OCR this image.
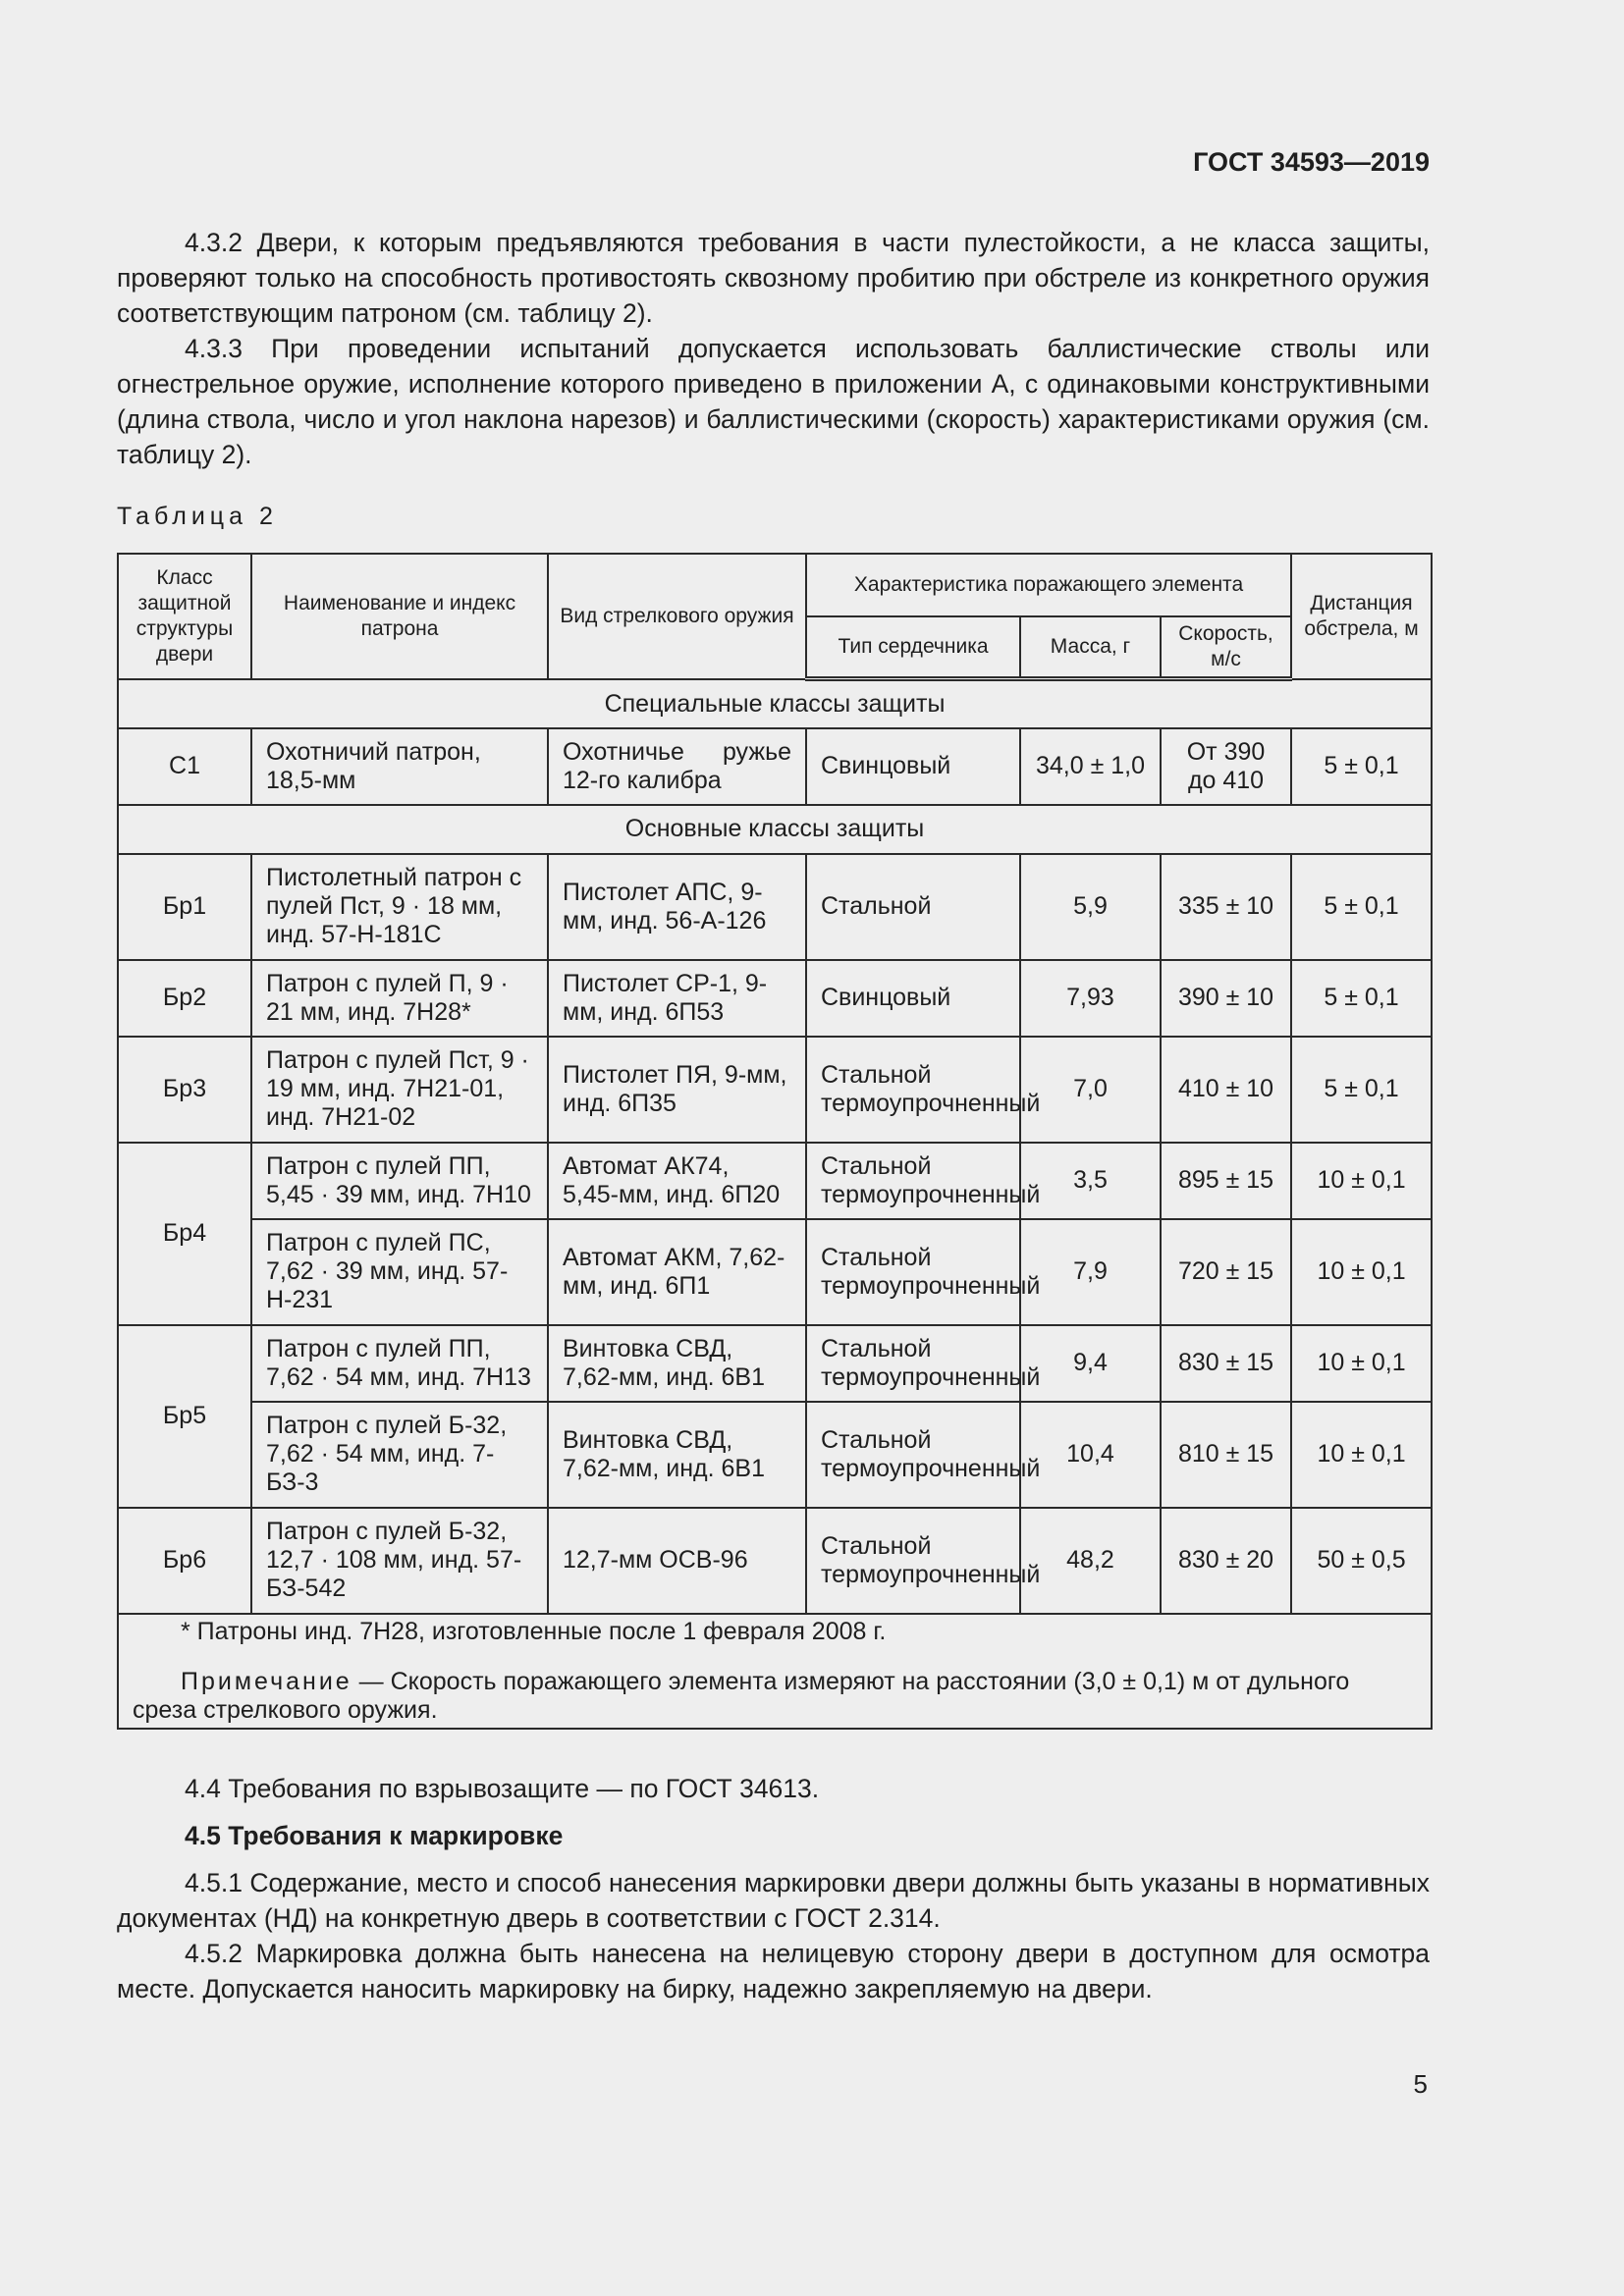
ГОСТ 34593—2019

4.3.2 Двери, к которым предъявляются требования в части пулестойкости, а не класса защиты, проверяют только на способность противостоять сквозному пробитию при обстреле из конкретного оружия соответствующим патроном (см. таблицу 2).

4.3.3 При проведении испытаний допускается использовать баллистические стволы или огнестрельное оружие, исполнение которого приведено в приложении А, с одинаковыми конструктивными (длина ствола, число и угол наклона нарезов) и баллистическими (скорость) характеристиками оружия (см. таблицу 2).

Таблица 2
Класс защитной структуры двери	Наименование и индекс патрона	Вид стрелкового оружия	Характеристика поражающего элемента			Дистанция обстрела, м
			Тип сердечника	Масса, г	Скорость, м/с	
Специальные классы защиты						
С1	Охотничий патрон, 18,5-мм	Охотничье ружье 12-го калибра	Свинцовый	34,0 ± 1,0	От 390 до 410	5 ± 0,1
Основные классы защиты						
Бр1	Пистолетный патрон с пулей Пст, 9 · 18 мм, инд. 57-Н-181С	Пистолет АПС, 9-мм, инд. 56-А-126	Стальной	5,9	335 ± 10	5 ± 0,1
Бр2	Патрон с пулей П, 9 · 21 мм, инд. 7Н28*	Пистолет СР-1, 9-мм, инд. 6П53	Свинцовый	7,93	390 ± 10	5 ± 0,1
Бр3	Патрон с пулей Пст, 9 · 19 мм, инд. 7Н21-01, инд. 7Н21-02	Пистолет ПЯ, 9-мм, инд. 6П35	Стальной термоупрочненный	7,0	410 ± 10	5 ± 0,1
Бр4	Патрон с пулей ПП, 5,45 · 39 мм, инд. 7Н10	Автомат АК74, 5,45-мм, инд. 6П20	Стальной термоупрочненный	3,5	895 ± 15	10 ± 0,1
	Патрон с пулей ПС, 7,62 · 39 мм, инд. 57-Н-231	Автомат АКМ, 7,62-мм, инд. 6П1	Стальной термоупрочненный	7,9	720 ± 15	10 ± 0,1
Бр5	Патрон с пулей ПП, 7,62 · 54 мм, инд. 7Н13	Винтовка СВД, 7,62-мм, инд. 6В1	Стальной термоупрочненный	9,4	830 ± 15	10 ± 0,1
	Патрон с пулей Б-32, 7,62 · 54 мм, инд. 7-БЗ-3	Винтовка СВД, 7,62-мм, инд. 6В1	Стальной термоупрочненный	10,4	810 ± 15	10 ± 0,1
Бр6	Патрон с пулей Б-32, 12,7 · 108 мм, инд. 57-БЗ-542	12,7-мм ОСВ-96	Стальной термоупрочненный	48,2	830 ± 20	50 ± 0,5

* Патроны инд. 7Н28, изготовленные после 1 февраля 2008 г.
Примечание — Скорость поражающего элемента измеряют на расстоянии (3,0 ± 0,1) м от дульного среза стрелкового оружия.						

4.4 Требования по взрывозащите — по ГОСТ 34613.

4.5 Требования к маркировке

4.5.1 Содержание, место и способ нанесения маркировки двери должны быть указаны в нормативных документах (НД) на конкретную дверь в соответствии с ГОСТ 2.314.

4.5.2 Маркировка должна быть нанесена на нелицевую сторону двери в доступном для осмотра месте. Допускается наносить маркировку на бирку, надежно закрепляемую на двери.

5
